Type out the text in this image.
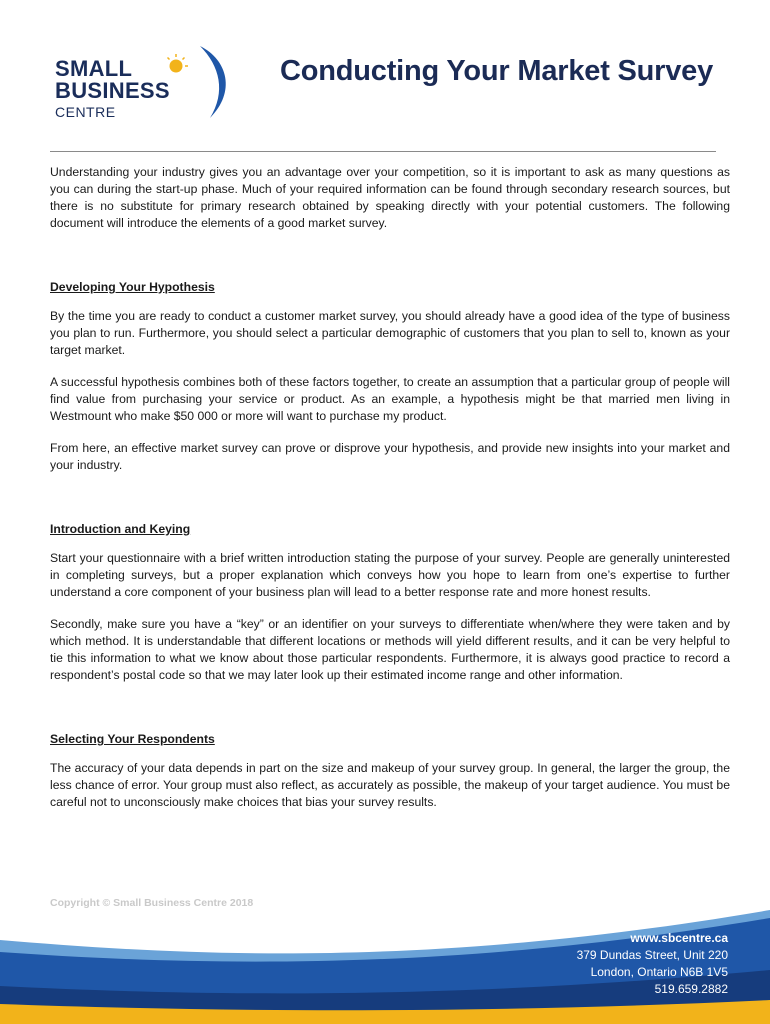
SMALL
BUSINESS
CENTRE
Conducting Your Market Survey

Understanding your industry gives you an advantage over your competition, so it is important to ask as many questions as you can during the start-up phase. Much of your required information can be found through secondary research sources, but there is no substitute for primary research obtained by speaking directly with your potential customers. The following document will introduce the elements of a good market survey.

Developing Your Hypothesis

By the time you are ready to conduct a customer market survey, you should already have a good idea of the type of business you plan to run. Furthermore, you should select a particular demographic of customers that you plan to sell to, known as your target market.

A successful hypothesis combines both of these factors together, to create an assumption that a particular group of people will find value from purchasing your service or product. As an example, a hypothesis might be that married men living in Westmount who make $50 000 or more will want to purchase my product.

From here, an effective market survey can prove or disprove your hypothesis, and provide new insights into your market and your industry.

Introduction and Keying

Start your questionnaire with a brief written introduction stating the purpose of your survey. People are generally uninterested in completing surveys, but a proper explanation which conveys how you hope to learn from one’s expertise to further understand a core component of your business plan will lead to a better response rate and more honest results.

Secondly, make sure you have a “key” or an identifier on your surveys to differentiate when/where they were taken and by which method. It is understandable that different locations or methods will yield different results, and it can be very helpful to tie this information to what we know about those particular respondents. Furthermore, it is always good practice to record a respondent’s postal code so that we may later look up their estimated income range and other information.

Selecting Your Respondents

The accuracy of your data depends in part on the size and makeup of your survey group. In general, the larger the group, the less chance of error. Your group must also reflect, as accurately as possible, the makeup of your target audience. You must be careful not to unconsciously make choices that bias your survey results.

Copyright © Small Business Centre 2018
www.sbcentre.ca
379 Dundas Street, Unit 220
London, Ontario N6B 1V5
519.659.2882
